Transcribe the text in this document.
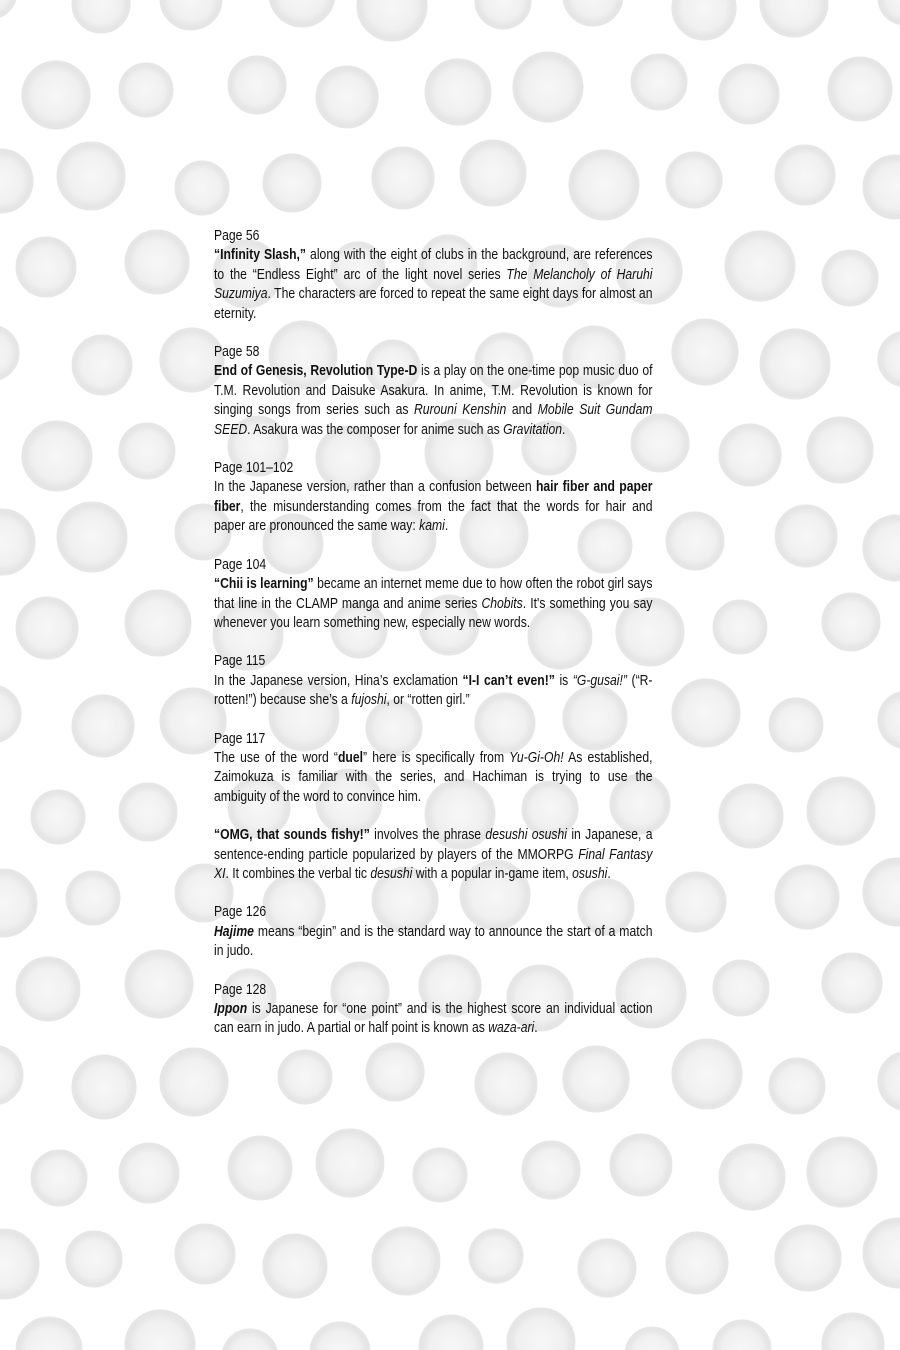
Page 56
“Infinity Slash,” along with the eight of clubs in the background, are references to the “Endless Eight” arc of the light novel series The Melancholy of Haruhi Suzumiya. The characters are forced to repeat the same eight days for almost an eternity.
Page 58
End of Genesis, Revolution Type-D is a play on the one-time pop music duo of T.M. Revolution and Daisuke Asakura. In anime, T.M. Revolution is known for singing songs from series such as Rurouni Kenshin and Mobile Suit Gundam SEED. Asakura was the composer for anime such as Gravitation.
Page 101–102
In the Japanese version, rather than a confusion between hair fiber and paper fiber, the misunderstanding comes from the fact that the words for hair and paper are pronounced the same way: kami.
Page 104
“Chii is learning” became an internet meme due to how often the robot girl says that line in the CLAMP manga and anime series Chobits. It's something you say whenever you learn something new, especially new words.
Page 115
In the Japanese version, Hina’s exclamation “I-I can’t even!” is “G-gusai!” (“R-rotten!”) because she’s a fujoshi, or “rotten girl.”
Page 117
The use of the word “duel” here is specifically from Yu-Gi-Oh! As established, Zaimokuza is familiar with the series, and Hachiman is trying to use the ambiguity of the word to convince him.
“OMG, that sounds fishy!” involves the phrase desushi osushi in Japanese, a sentence-ending particle popularized by players of the MMORPG Final Fantasy XI. It combines the verbal tic desushi with a popular in-game item, osushi.
Page 126
Hajime means “begin” and is the standard way to announce the start of a match in judo.
Page 128
Ippon is Japanese for “one point” and is the highest score an individual action can earn in judo. A partial or half point is known as waza-ari.
